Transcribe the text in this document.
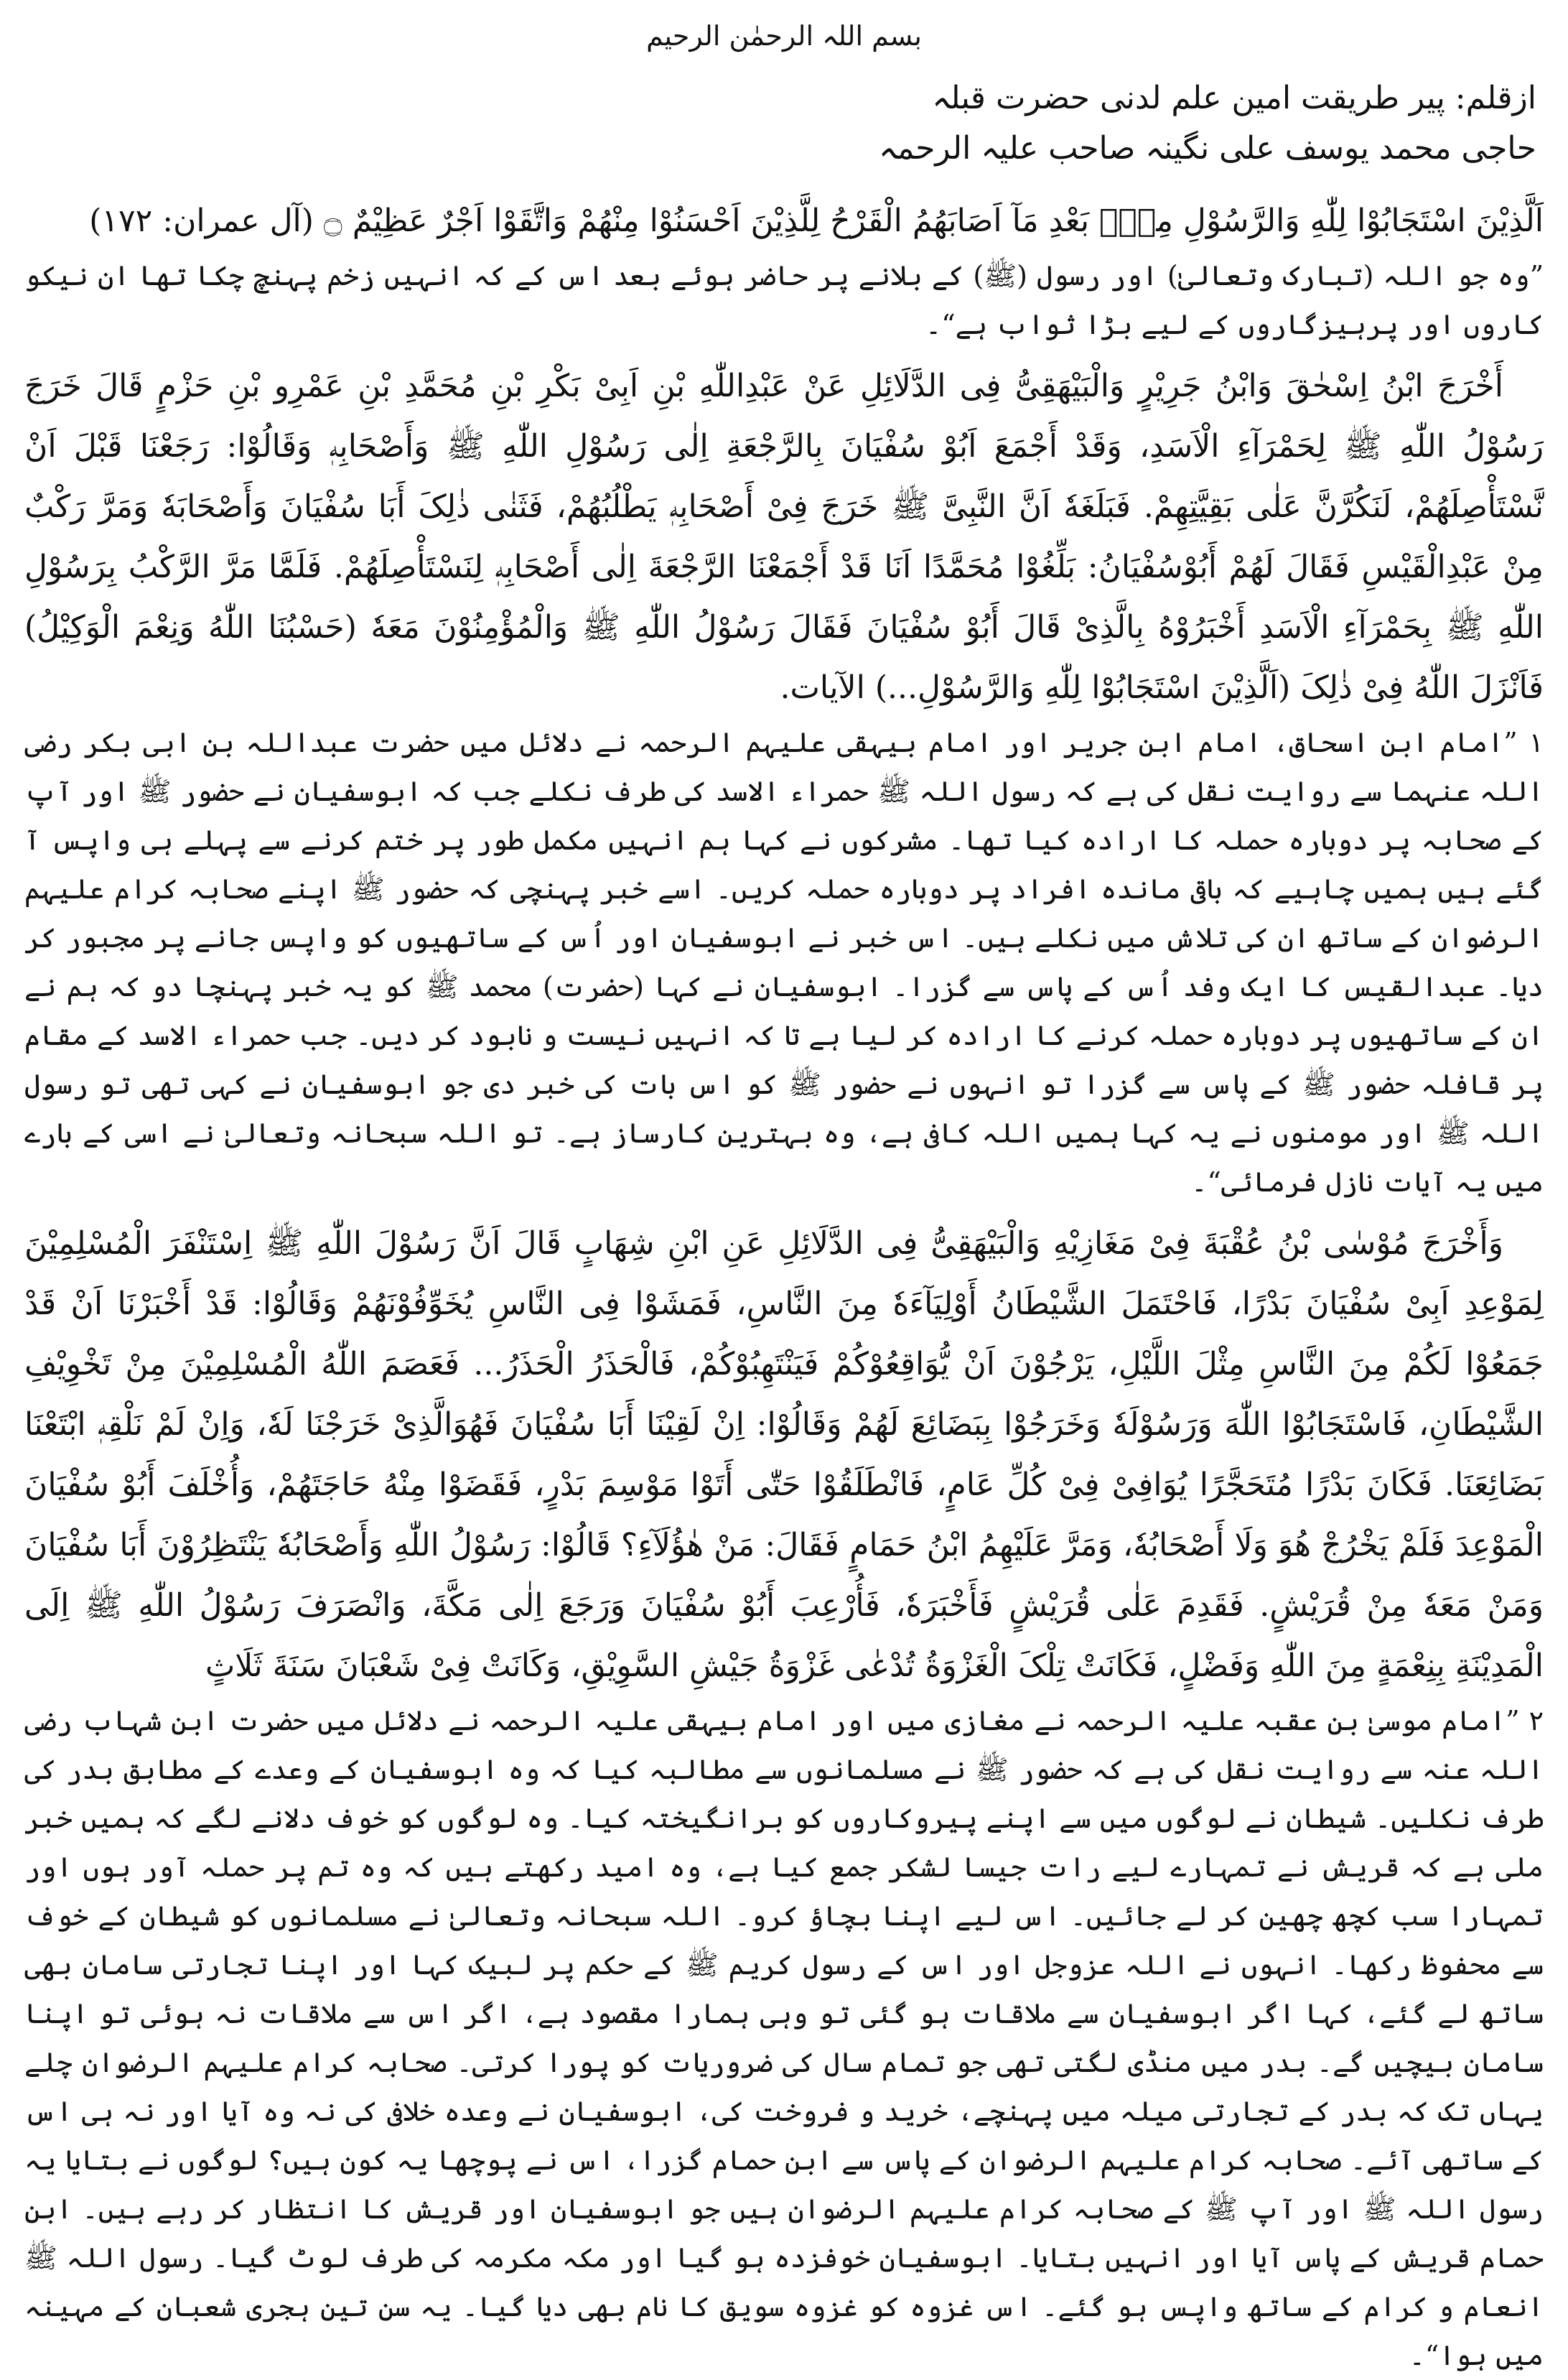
بسم اللہ الرحمٰن الرحیم
ازقلم: پیر طریقت امین علم لدنی حضرت قبلہ
حاجی محمد یوسف علی نگینہ صاحب علیہ الرحمہ

اَلَّذِیْنَ اسْتَجَابُوْا لِلّٰهِ وَالرَّسُوْلِ مِنْۢ بَعْدِ مَآ اَصَابَهُمُ الْقَرْحُ لِلَّذِیْنَ اَحْسَنُوْا مِنْهُمْ وَاتَّقَوْا اَجْرٌ عَظِیْمٌ ۝ (آل عمران: ۱۷۲)

”وہ جو اللہ (تبارک وتعالیٰ) اور رسول (ﷺ) کے بلانے پر حاضر ہوئے بعد اس کے کہ انہیں زخم پہنچ چکا تھا ان نیکو کاروں اور پرہیزگاروں کے لیے بڑا ثواب ہے“۔

أَخْرَجَ ابْنُ اِسْحٰقَ وَابْنُ جَرِیْرٍ وَالْبَیْهَقِیُّ فِی الدَّلَائِلِ عَنْ عَبْدِاللّٰهِ بْنِ اَبِیْ بَکْرِ بْنِ مُحَمَّدِ بْنِ عَمْرِو بْنِ حَزْمٍ قَالَ خَرَجَ رَسُوْلُ اللّٰهِ ﷺ لِحَمْرَآءِ الْاَسَدِ، وَقَدْ أَجْمَعَ اَبُوْ سُفْیَانَ بِالرَّجْعَةِ اِلٰی رَسُوْلِ اللّٰهِ ﷺ وَأَصْحَابِهٖ وَقَالُوْا: رَجَعْنَا قَبْلَ اَنْ نَّسْتَأْصِلَهُمْ، لَنَکُرَّنَّ عَلٰی بَقِیَّتِهِمْ. فَبَلَغَهٗ اَنَّ النَّبِیَّ ﷺ خَرَجَ فِیْ أَصْحَابِهٖ یَطْلُبُهُمْ، فَثَنٰی ذٰلِکَ أَبَا سُفْیَانَ وَأَصْحَابَهٗ وَمَرَّ رَکْبٌ مِنْ عَبْدِالْقَیْسِ فَقَالَ لَهُمْ أَبُوْسُفْیَانُ: بَلِّغُوْا مُحَمَّدًا اَنَا قَدْ أَجْمَعْنَا الرَّجْعَةَ اِلٰی أَصْحَابِهٖ لِنَسْتَأْصِلَهُمْ. فَلَمَّا مَرَّ الرَّکْبُ بِرَسُوْلِ اللّٰهِ ﷺ بِحَمْرَآءِ الْاَسَدِ أَخْبَرُوْهُ بِالَّذِیْ قَالَ أَبُوْ سُفْیَانَ فَقَالَ رَسُوْلُ اللّٰهِ ﷺ وَالْمُؤْمِنُوْنَ مَعَهٗ (حَسْبُنَا اللّٰهُ وَنِعْمَ الْوَکِیْلُ) فَاَنْزَلَ اللّٰهُ فِیْ ذٰلِکَ (اَلَّذِیْنَ اسْتَجَابُوْا لِلّٰهِ وَالرَّسُوْلِ...) الآیات.

۱ ”امام ابن اسحاق، امام ابن جریر اور امام بیہقی علیہم الرحمہ نے دلائل میں حضرت عبداللہ بن ابی بکر رضی اللہ عنہما سے روایت نقل کی ہے کہ رسول اللہ ﷺ حمراء الاسد کی طرف نکلے جب کہ ابوسفیان نے حضور ﷺ اور آپ کے صحابہ پر دوبارہ حملہ کا ارادہ کیا تھا۔ مشرکوں نے کہا ہم انہیں مکمل طور پر ختم کرنے سے پہلے ہی واپس آ گئے ہیں ہمیں چاہیے کہ باقی ماندہ افراد پر دوبارہ حملہ کریں۔ اسے خبر پہنچی کہ حضور ﷺ اپنے صحابہ کرام علیہم الرضوان کے ساتھ ان کی تلاش میں نکلے ہیں۔ اس خبر نے ابوسفیان اور اُس کے ساتھیوں کو واپس جانے پر مجبور کر دیا۔ عبدالقیس کا ایک وفد اُس کے پاس سے گزرا۔ ابوسفیان نے کہا (حضرت) محمد ﷺ کو یہ خبر پہنچا دو کہ ہم نے ان کے ساتھیوں پر دوبارہ حملہ کرنے کا ارادہ کر لیا ہے تا کہ انہیں نیست و نابود کر دیں۔ جب حمراء الاسد کے مقام پر قافلہ حضور ﷺ کے پاس سے گزرا تو انہوں نے حضور ﷺ کو اس بات کی خبر دی جو ابوسفیان نے کہی تھی تو رسول اللہ ﷺ اور مومنوں نے یہ کہا ہمیں اللہ کافی ہے، وہ بہترین کارساز ہے۔ تو اللہ سبحانہ وتعالیٰ نے اسی کے بارے میں یہ آیات نازل فرمائی“۔

وَأَخْرَجَ مُوْسٰی بْنُ عُقْبَةَ فِیْ مَغَازِیْهِ وَالْبَیْهَقِیُّ فِی الدَّلَائِلِ عَنِ ابْنِ شِهَابٍ قَالَ اَنَّ رَسُوْلَ اللّٰهِ ﷺ اِسْتَنْفَرَ الْمُسْلِمِیْنَ لِمَوْعِدِ اَبِیْ سُفْیَانَ بَدْرًا، فَاحْتَمَلَ الشَّیْطَانُ أَوْلِیَآءَهٗ مِنَ النَّاسِ، فَمَشَوْا فِی النَّاسِ یُخَوِّفُوْنَهُمْ وَقَالُوْا: قَدْ أَخْبَرْنَا اَنْ قَدْ جَمَعُوْا لَکُمْ مِنَ النَّاسِ مِثْلَ اللَّیْلِ، یَرْجُوْنَ اَنْ یُّوَاقِعُوْکُمْ فَیَنْتَهِبُوْکُمْ، فَالْحَذَرُ الْحَذَرُ... فَعَصَمَ اللّٰهُ الْمُسْلِمِیْنَ مِنْ تَخْوِیْفِ الشَّیْطَانِ، فَاسْتَجَابُوْا اللّٰهَ وَرَسُوْلَهٗ وَخَرَجُوْا بِبَضَائِعَ لَهُمْ وَقَالُوْا: اِنْ لَقِیْنَا أَبَا سُفْیَانَ فَهُوَالَّذِیْ خَرَجْنَا لَهٗ، وَاِنْ لَمْ نَلْقِهٖ ابْتَعْنَا بَضَائِعَنَا. فَکَانَ بَدْرًا مُتَحَجَّرًا یُوَافِیْ فِیْ کُلِّ عَامٍ، فَانْطَلَقُوْا حَتّٰی أَتَوْا مَوْسِمَ بَدْرٍ، فَقَضَوْا مِنْهُ حَاجَتَهُمْ، وَأُخْلَفَ أَبُوْ سُفْیَانَ الْمَوْعِدَ فَلَمْ یَخْرُجْ هُوَ وَلَا أَصْحَابُهٗ، وَمَرَّ عَلَیْهِمُ ابْنُ حَمَامٍ فَقَالَ: مَنْ هٰؤُلَآءِ؟ قَالُوْا: رَسُوْلُ اللّٰهِ وَأَصْحَابُهٗ یَنْتَظِرُوْنَ أَبَا سُفْیَانَ وَمَنْ مَعَهٗ مِنْ قُرَیْشٍ. فَقَدِمَ عَلٰی قُرَیْشٍ فَأَخْبَرَهٗ، فَأُرْعِبَ أَبُوْ سُفْیَانَ وَرَجَعَ اِلٰی مَکَّةَ، وَانْصَرَفَ رَسُوْلُ اللّٰهِ ﷺ اِلَی الْمَدِیْنَةِ بِنِعْمَةٍ مِنَ اللّٰهِ وَفَضْلٍ، فَکَانَتْ تِلْکَ الْغَزْوَةُ تُدْعٰی غَزْوَةُ جَیْشِ السَّوِیْقِ، وَکَانَتْ فِیْ شَعْبَانَ سَنَةَ ثَلَاثٍ

۲ ”امام موسیٰ بن عقبہ علیہ الرحمہ نے مغازی میں اور امام بیہقی علیہ الرحمہ نے دلائل میں حضرت ابن شہاب رضی اللہ عنہ سے روایت نقل کی ہے کہ حضور ﷺ نے مسلمانوں سے مطالبہ کیا کہ وہ ابوسفیان کے وعدے کے مطابق بدر کی طرف نکلیں۔ شیطان نے لوگوں میں سے اپنے پیروکاروں کو برانگیختہ کیا۔ وہ لوگوں کو خوف دلانے لگے کہ ہمیں خبر ملی ہے کہ قریش نے تمہارے لیے رات جیسا لشکر جمع کیا ہے، وہ امید رکھتے ہیں کہ وہ تم پر حملہ آور ہوں اور تمہارا سب کچھ چھین کر لے جائیں۔ اس لیے اپنا بچاؤ کرو۔ اللہ سبحانہ وتعالیٰ نے مسلمانوں کو شیطان کے خوف سے محفوظ رکھا۔ انہوں نے اللہ عزوجل اور اس کے رسول کریم ﷺ کے حکم پر لبیک کہا اور اپنا تجارتی سامان بھی ساتھ لے گئے، کہا اگر ابوسفیان سے ملاقات ہو گئی تو وہی ہمارا مقصود ہے، اگر اس سے ملاقات نہ ہوئی تو اپنا سامان بیچیں گے۔ بدر میں منڈی لگتی تھی جو تمام سال کی ضروریات کو پورا کرتی۔ صحابہ کرام علیہم الرضوان چلے یہاں تک کہ بدر کے تجارتی میلہ میں پہنچے، خرید و فروخت کی، ابوسفیان نے وعدہ خلافی کی نہ وہ آیا اور نہ ہی اس کے ساتھی آئے۔ صحابہ کرام علیہم الرضوان کے پاس سے ابن حمام گزرا، اس نے پوچھا یہ کون ہیں؟ لوگوں نے بتایا یہ رسول اللہ ﷺ اور آپ ﷺ کے صحابہ کرام علیہم الرضوان ہیں جو ابوسفیان اور قریش کا انتظار کر رہے ہیں۔ ابن حمام قریش کے پاس آیا اور انہیں بتایا۔ ابوسفیان خوفزدہ ہو گیا اور مکہ مکرمہ کی طرف لوٹ گیا۔ رسول اللہ ﷺ انعام و کرام کے ساتھ واپس ہو گئے۔ اس غزوہ کو غزوہ سویق کا نام بھی دیا گیا۔ یہ سن تین ہجری شعبان کے مہینہ میں ہوا“۔
